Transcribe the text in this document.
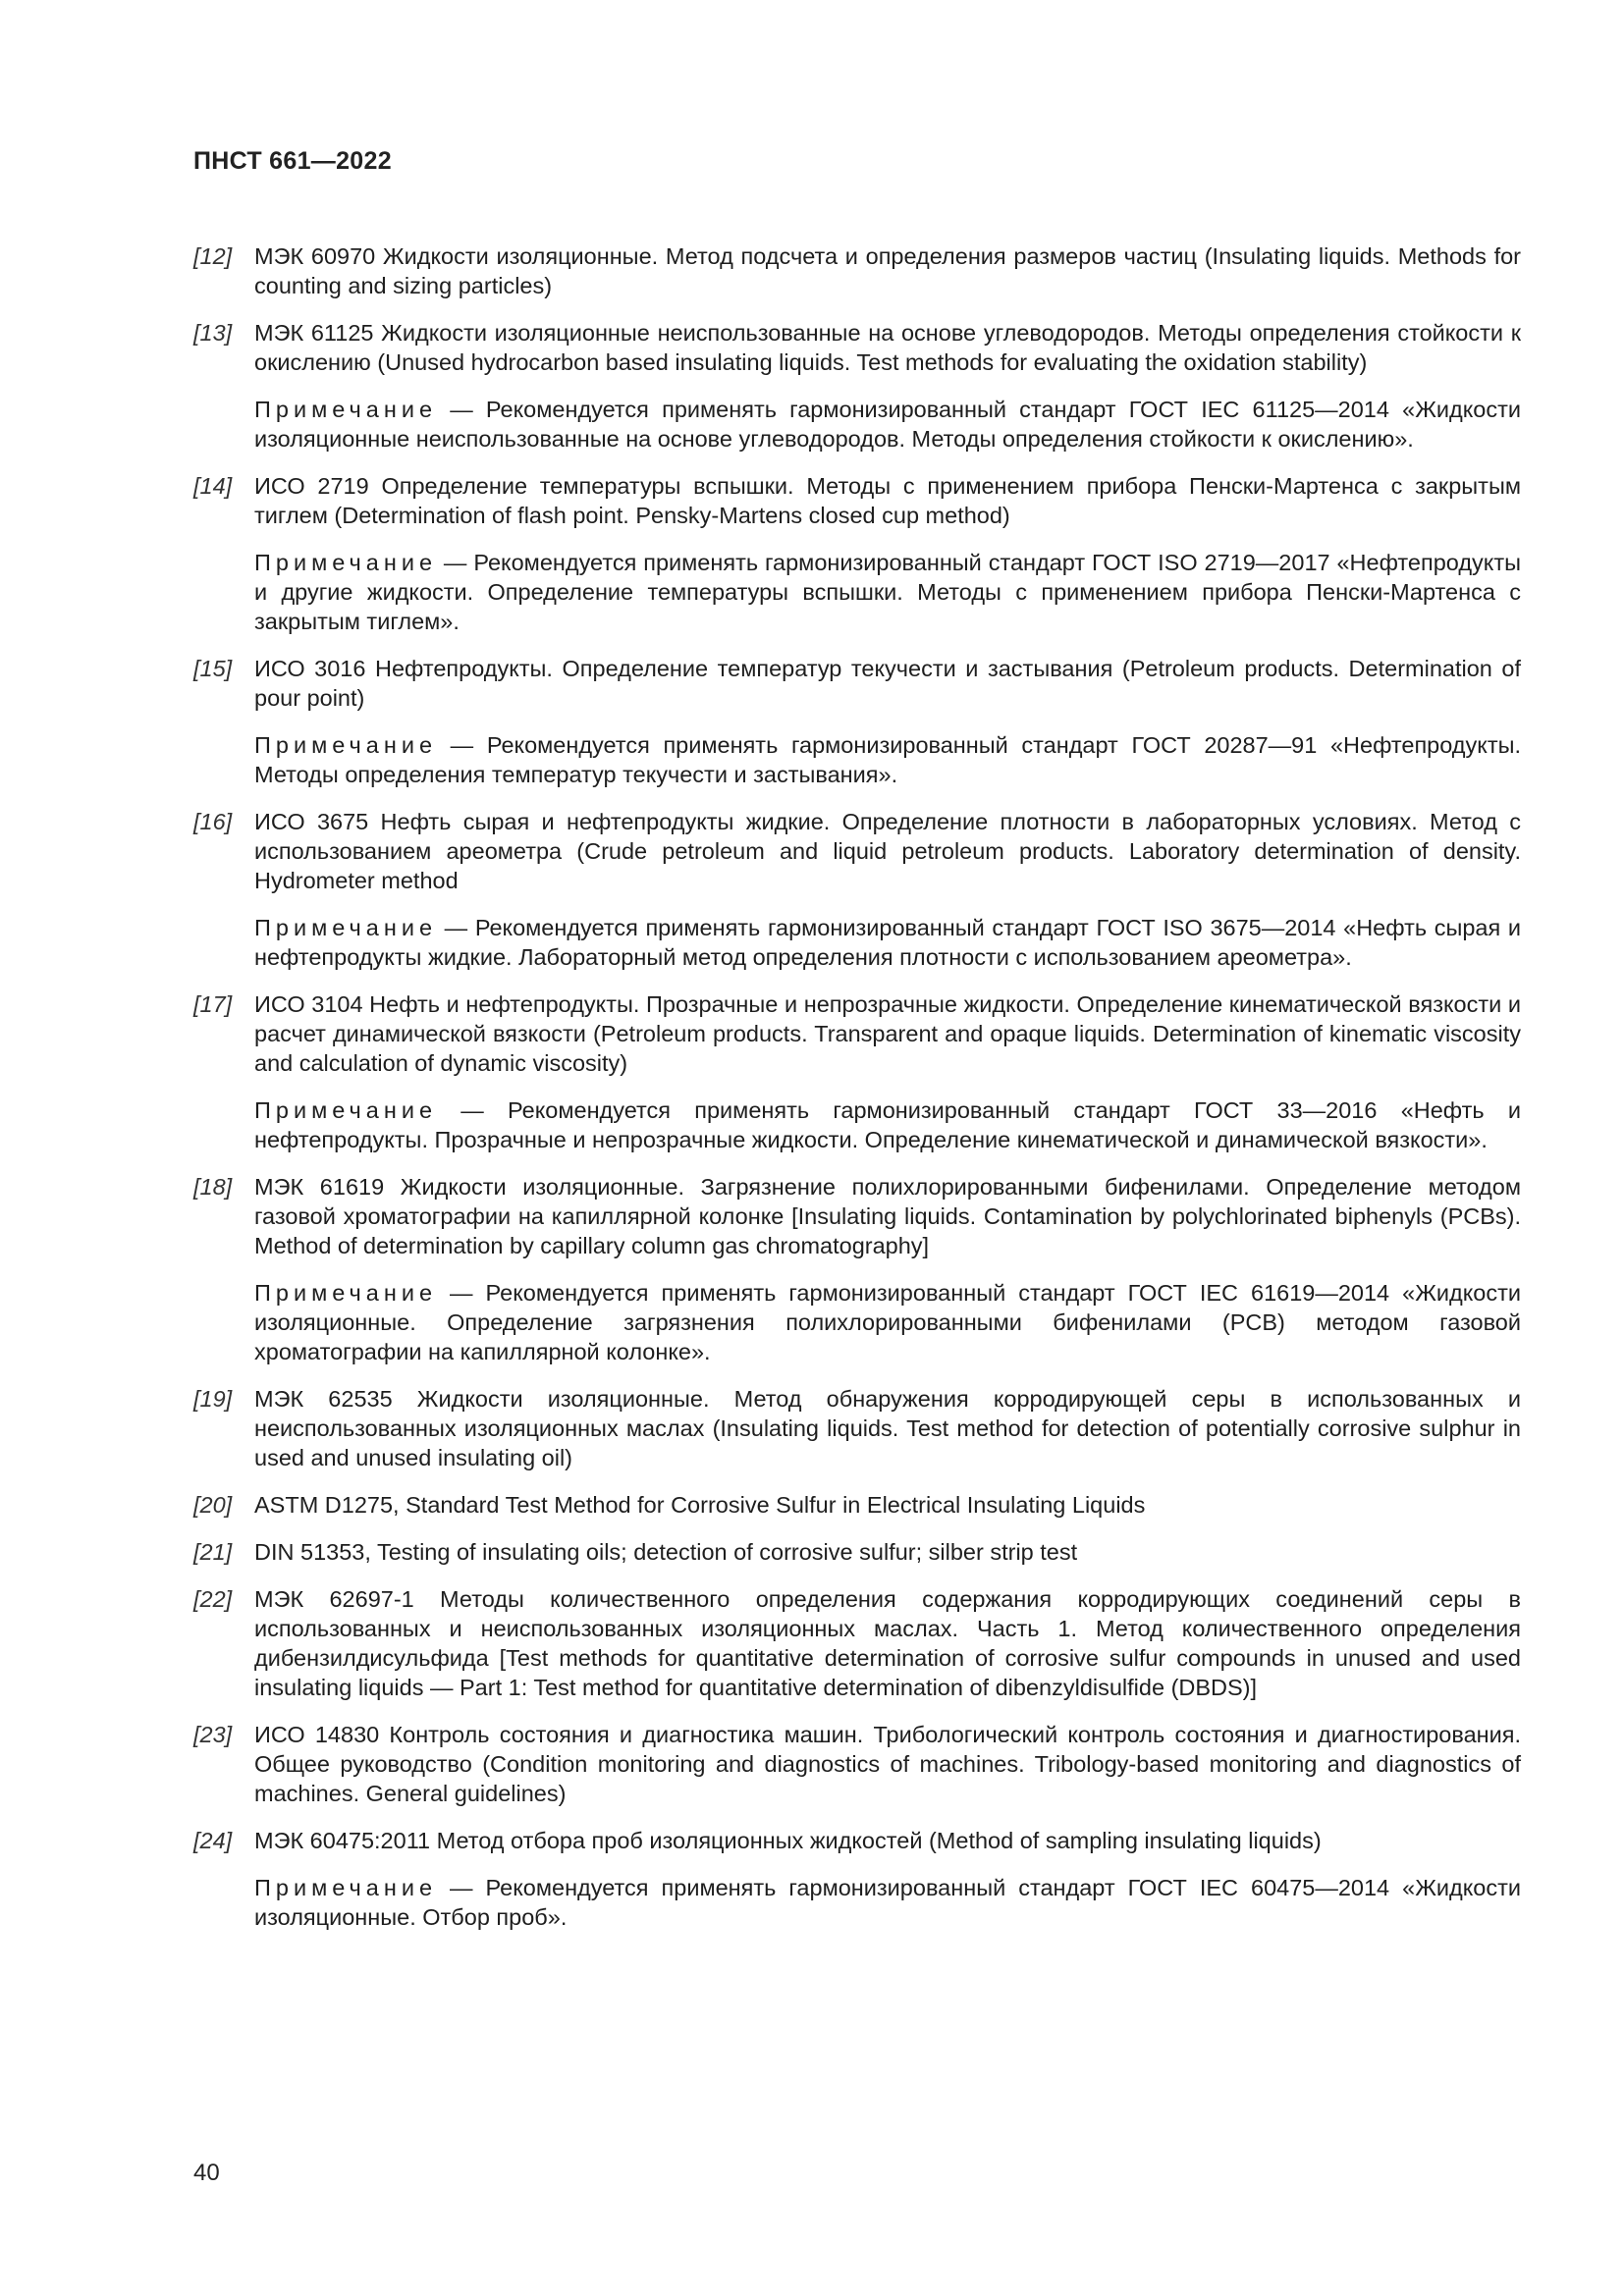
ПНСТ 661—2022
[12] МЭК 60970 Жидкости изоляционные. Метод подсчета и определения размеров частиц (Insulating liquids. Methods for counting and sizing particles)
[13] МЭК 61125 Жидкости изоляционные неиспользованные на основе углеводородов. Методы определения стойкости к окислению (Unused hydrocarbon based insulating liquids. Test methods for evaluating the oxidation stability)
Примечание — Рекомендуется применять гармонизированный стандарт ГОСТ IEC 61125—2014 «Жидкости изоляционные неиспользованные на основе углеводородов. Методы определения стойкости к окислению».
[14] ИСО 2719 Определение температуры вспышки. Методы с применением прибора Пенски-Мартенса с закрытым тиглем (Determination of flash point. Pensky-Martens closed cup method)
Примечание — Рекомендуется применять гармонизированный стандарт ГОСТ ISO 2719—2017 «Нефтепродукты и другие жидкости. Определение температуры вспышки. Методы с применением прибора Пенски-Мартенса с закрытым тиглем».
[15] ИСО 3016 Нефтепродукты. Определение температур текучести и застывания (Petroleum products. Determination of pour point)
Примечание — Рекомендуется применять гармонизированный стандарт ГОСТ 20287—91 «Нефтепродукты. Методы определения температур текучести и застывания».
[16] ИСО 3675 Нефть сырая и нефтепродукты жидкие. Определение плотности в лабораторных условиях. Метод с использованием ареометра (Crude petroleum and liquid petroleum products. Laboratory determination of density. Hydrometer method
Примечание — Рекомендуется применять гармонизированный стандарт ГОСТ ISO 3675—2014 «Нефть сырая и нефтепродукты жидкие. Лабораторный метод определения плотности с использованием ареометра».
[17] ИСО 3104 Нефть и нефтепродукты. Прозрачные и непрозрачные жидкости. Определение кинематической вязкости и расчет динамической вязкости (Petroleum products. Transparent and opaque liquids. Determination of kinematic viscosity and calculation of dynamic viscosity)
Примечание — Рекомендуется применять гармонизированный стандарт ГОСТ 33—2016 «Нефть и нефтепродукты. Прозрачные и непрозрачные жидкости. Определение кинематической и динамической вязкости».
[18] МЭК 61619 Жидкости изоляционные. Загрязнение полихлорированными бифенилами. Определение методом газовой хроматографии на капиллярной колонке [Insulating liquids. Contamination by polychlorinated biphenyls (PCBs). Method of determination by capillary column gas chromatography]
Примечание — Рекомендуется применять гармонизированный стандарт ГОСТ IEC 61619—2014 «Жидкости изоляционные. Определение загрязнения полихлорированными бифенилами (PCB) методом газовой хроматографии на капиллярной колонке».
[19] МЭК 62535 Жидкости изоляционные. Метод обнаружения корродирующей серы в использованных и неиспользованных изоляционных маслах (Insulating liquids. Test method for detection of potentially corrosive sulphur in used and unused insulating oil)
[20] ASTM D1275, Standard Test Method for Corrosive Sulfur in Electrical Insulating Liquids
[21] DIN 51353, Testing of insulating oils; detection of corrosive sulfur; silber strip test
[22] МЭК 62697-1 Методы количественного определения содержания корродирующих соединений серы в использованных и неиспользованных изоляционных маслах. Часть 1. Метод количественного определения дибензилдисульфида [Test methods for quantitative determination of corrosive sulfur compounds in unused and used insulating liquids — Part 1: Test method for quantitative determination of dibenzyldisulfide (DBDS)]
[23] ИСО 14830 Контроль состояния и диагностика машин. Трибологический контроль состояния и диагностирования. Общее руководство (Condition monitoring and diagnostics of machines. Tribology-based monitoring and diagnostics of machines. General guidelines)
[24] МЭК 60475:2011 Метод отбора проб изоляционных жидкостей (Method of sampling insulating liquids)
Примечание — Рекомендуется применять гармонизированный стандарт ГОСТ IEC 60475—2014 «Жидкости изоляционные. Отбор проб».
40
